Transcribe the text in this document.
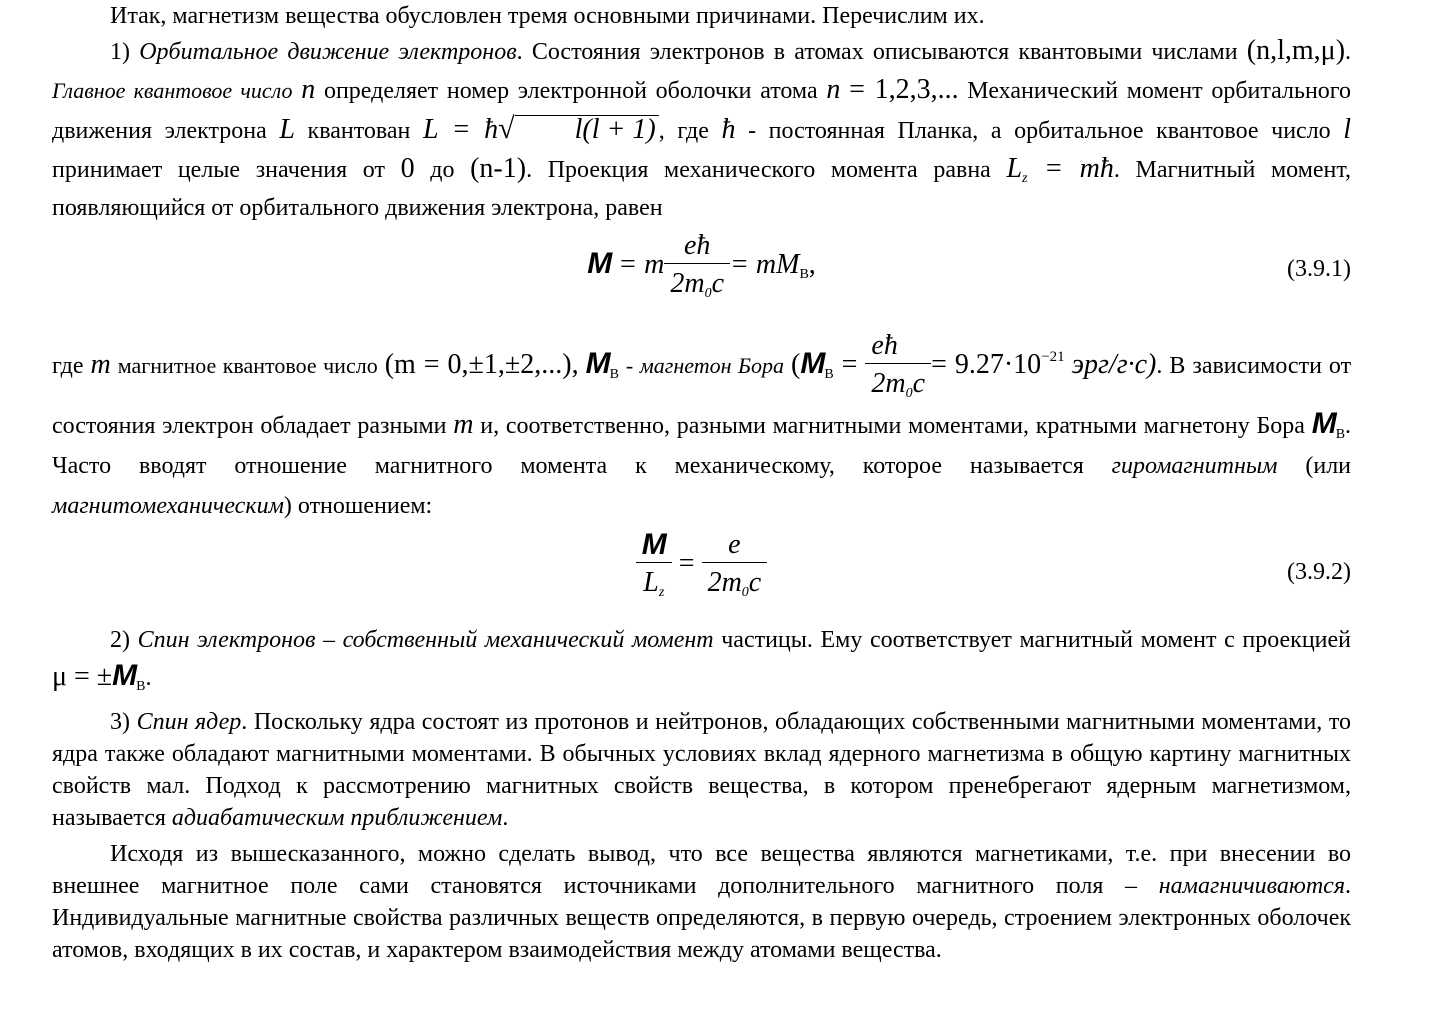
Итак, магнетизм вещества обусловлен тремя основными причинами. Перечислим их.

1) Орбитальное движение электронов. Состояния электронов в атомах описываются квантовыми числами (n,l,m,μ). Главное квантовое число n определяет номер электронной оболочки атома n = 1,2,3,... Механический момент орбитального движения электрона L квантован L = ħ√ l(l + 1) , где ħ - постоянная Планка, а орбитальное квантовое число l принимает целые значения от 0 до (n-1). Проекция механического момента равна $L_z$ = mħ. Магнитный момент, появляющийся от орбитального движения электрона, равен

M = m $\frac{eħ}{2m_0c} = mM_B$,	(3.9.1)

где m магнитное квантовое число (m = 0,±1,±2,...), $M_B$ - магнетон Бора ($M_B = \frac{eħ}{2m_0c} = 9.27\cdot 10^{-21}$ эрг/г·с). В зависимости от состояния электрон обладает разными m и, соответственно, разными магнитными моментами, кратными магнетону Бора $M_B$. Часто вводят отношение магнитного момента к механическому, которое называется гиромагнитным (или магнитомеханическим) отношением:

$\frac{M}{L_z} = \frac{e}{2m_0c}$	(3.9.2)

2) Спин электронов – собственный механический момент частицы. Ему соответствует магнитный момент с проекцией $\mu = \pm M_B$.

3) Спин ядер. Поскольку ядра состоят из протонов и нейтронов, обладающих собственными магнитными моментами, то ядра также обладают магнитными моментами. В обычных условиях вклад ядерного магнетизма в общую картину магнитных свойств мал. Подход к рассмотрению магнитных свойств вещества, в котором пренебрегают ядерным магнетизмом, называется адиабатическим приближением.

Исходя из вышесказанного, можно сделать вывод, что все вещества являются магнетиками, т.е. при внесении во внешнее магнитное поле сами становятся источниками дополнительного магнитного поля – намагничиваются. Индивидуальные магнитные свойства различных веществ определяются, в первую очередь, строением электронных оболочек атомов, входящих в их состав, и характером взаимодействия между атомами вещества.
